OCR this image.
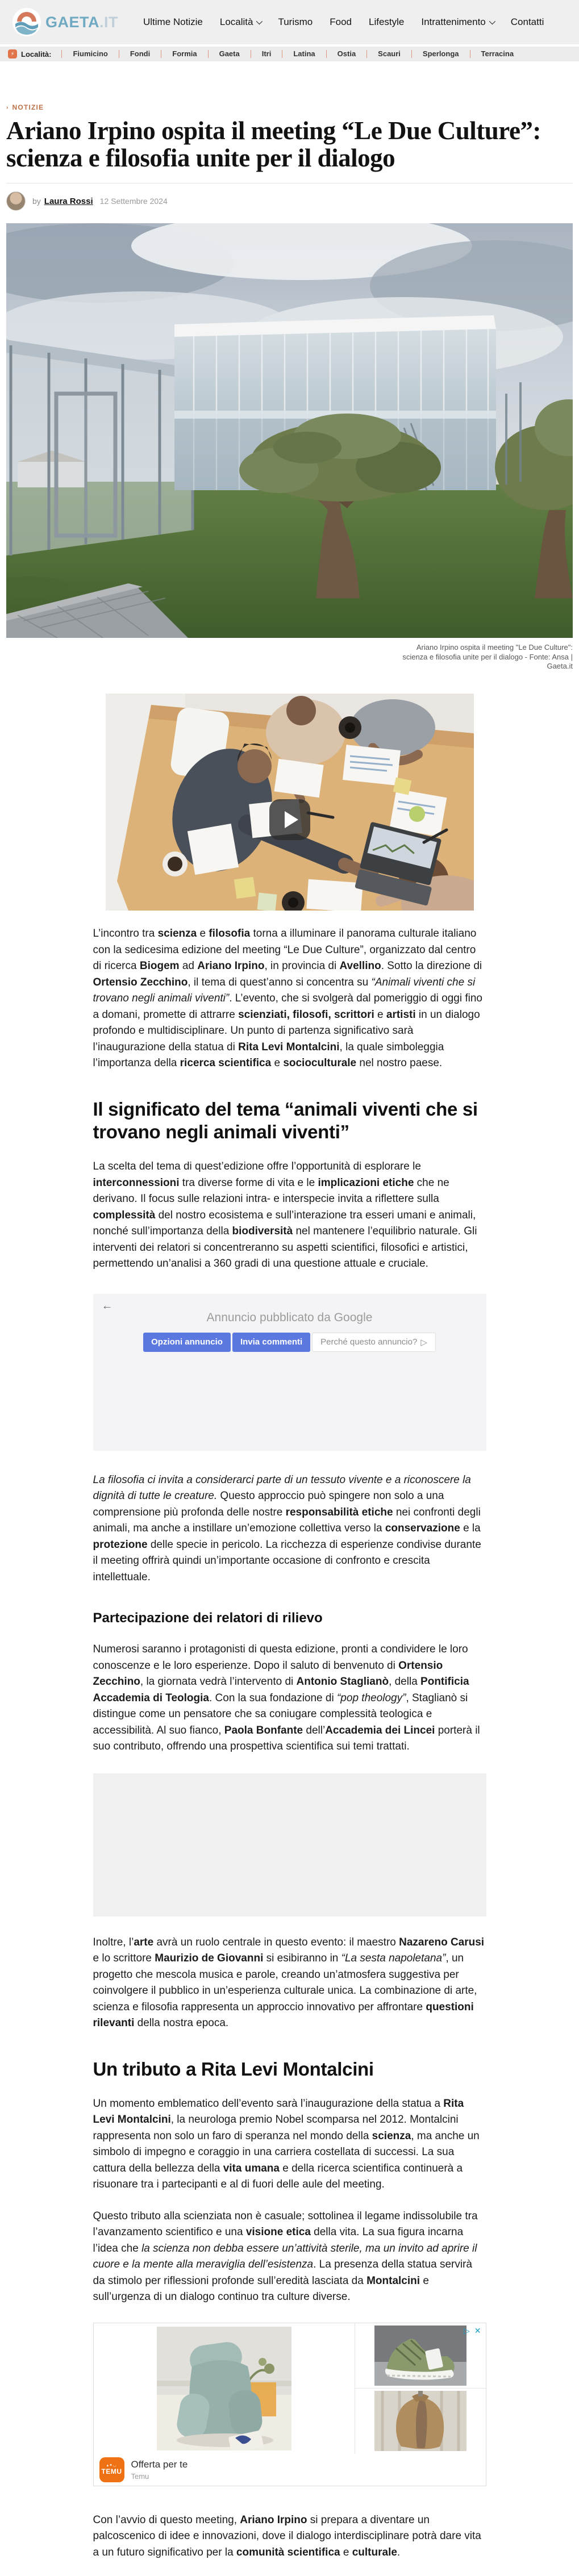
GAETA.IT	Ultime Notizie Località	Turismo Food Lifestyle Intrattenimento	Contatti
⚡ Località:	Fiumicino	Fondi	Formia	Gaeta	Itri	Latina	Ostia	Scauri	Sperlonga	Terracina
› NOTIZIE
Ariano Irpino ospita il meeting “Le Due Culture”: scienza e filosofia unite per il dialogo
by Laura Rossi 12 Settembre 2024
Ariano Irpino ospita il meeting "Le Due Culture": scienza e filosofia unite per il dialogo - Fonte: Ansa | Gaeta.it

L’incontro tra scienza e filosofia torna a illuminare il panorama culturale italiano con la sedicesima edizione del meeting “Le Due Culture”, organizzato dal centro di ricerca Biogem ad Ariano Irpino, in provincia di Avellino. Sotto la direzione di Ortensio Zecchino, il tema di quest’anno si concentra su “Animali viventi che si trovano negli animali viventi”. L’evento, che si svolgerà dal pomeriggio di oggi fino a domani, promette di attrarre scienziati, filosofi, scrittori e artisti in un dialogo profondo e multidisciplinare. Un punto di partenza significativo sarà l’inaugurazione della statua di Rita Levi Montalcini, la quale simboleggia l’importanza della ricerca scientifica e socioculturale nel nostro paese.

Il significato del tema “animali viventi che si trovano negli animali viventi”

La scelta del tema di quest’edizione offre l’opportunità di esplorare le interconnessioni tra diverse forme di vita e le implicazioni etiche che ne derivano. Il focus sulle relazioni intra- e interspecie invita a riflettere sulla complessità del nostro ecosistema e sull’interazione tra esseri umani e animali, nonché sull’importanza della biodiversità nel mantenere l’equilibrio naturale. Gli interventi dei relatori si concentreranno su aspetti scientifici, filosofici e artistici, permettendo un’analisi a 360 gradi di una questione attuale e cruciale.

←
Annuncio pubblicato da Google
Opzioni annuncio	Invia commenti	Perché questo annuncio? ▷

La filosofia ci invita a considerarci parte di un tessuto vivente e a riconoscere la dignità di tutte le creature. Questo approccio può spingere non solo a una comprensione più profonda delle nostre responsabilità etiche nei confronti degli animali, ma anche a instillare un’emozione collettiva verso la conservazione e la protezione delle specie in pericolo. La ricchezza di esperienze condivise durante il meeting offrirà quindi un’importante occasione di confronto e crescita intellettuale.

Partecipazione dei relatori di rilievo

Numerosi saranno i protagonisti di questa edizione, pronti a condividere le loro conoscenze e le loro esperienze. Dopo il saluto di benvenuto di Ortensio Zecchino, la giornata vedrà l’intervento di Antonio Staglianò, della Pontificia Accademia di Teologia. Con la sua fondazione di “pop theology”, Staglianò si distingue come un pensatore che sa coniugare complessità teologica e accessibilità. Al suo fianco, Paola Bonfante dell’Accademia dei Lincei porterà il suo contributo, offrendo una prospettiva scientifica sui temi trattati.

Inoltre, l’arte avrà un ruolo centrale in questo evento: il maestro Nazareno Carusi e lo scrittore Maurizio de Giovanni si esibiranno in “La sesta napoletana”, un progetto che mescola musica e parole, creando un’atmosfera suggestiva per coinvolgere il pubblico in un’esperienza culturale unica. La combinazione di arte, scienza e filosofia rappresenta un approccio innovativo per affrontare questioni rilevanti della nostra epoca.

Un tributo a Rita Levi Montalcini

Un momento emblematico dell’evento sarà l’inaugurazione della statua a Rita Levi Montalcini, la neurologa premio Nobel scomparsa nel 2012. Montalcini rappresenta non solo un faro di speranza nel mondo della scienza, ma anche un simbolo di impegno e coraggio in una carriera costellata di successi. La sua cattura della bellezza della vita umana e della ricerca scientifica continuerà a risuonare tra i partecipanti e al di fuori delle aule del meeting.

Questo tributo alla scienziata non è casuale; sottolinea il legame indissolubile tra l’avanzamento scientifico e una visione etica della vita. La sua figura incarna l’idea che la scienza non debba essere un’attività sterile, ma un invito ad aprire il cuore e la mente alla meraviglia dell’esistenza. La presenza della statua servirà da stimolo per riflessioni profonde sull’eredità lasciata da Montalcini e sull’urgenza di un dialogo continuo tra culture diverse.

▷ ✕
▴✦◡
TEMU
Offerta per te
Temu

Con l’avvio di questo meeting, Ariano Irpino si prepara a diventare un palcoscenico di idee e innovazioni, dove il dialogo interdisciplinare potrà dare vita a un futuro significativo per la comunità scientifica e culturale.
